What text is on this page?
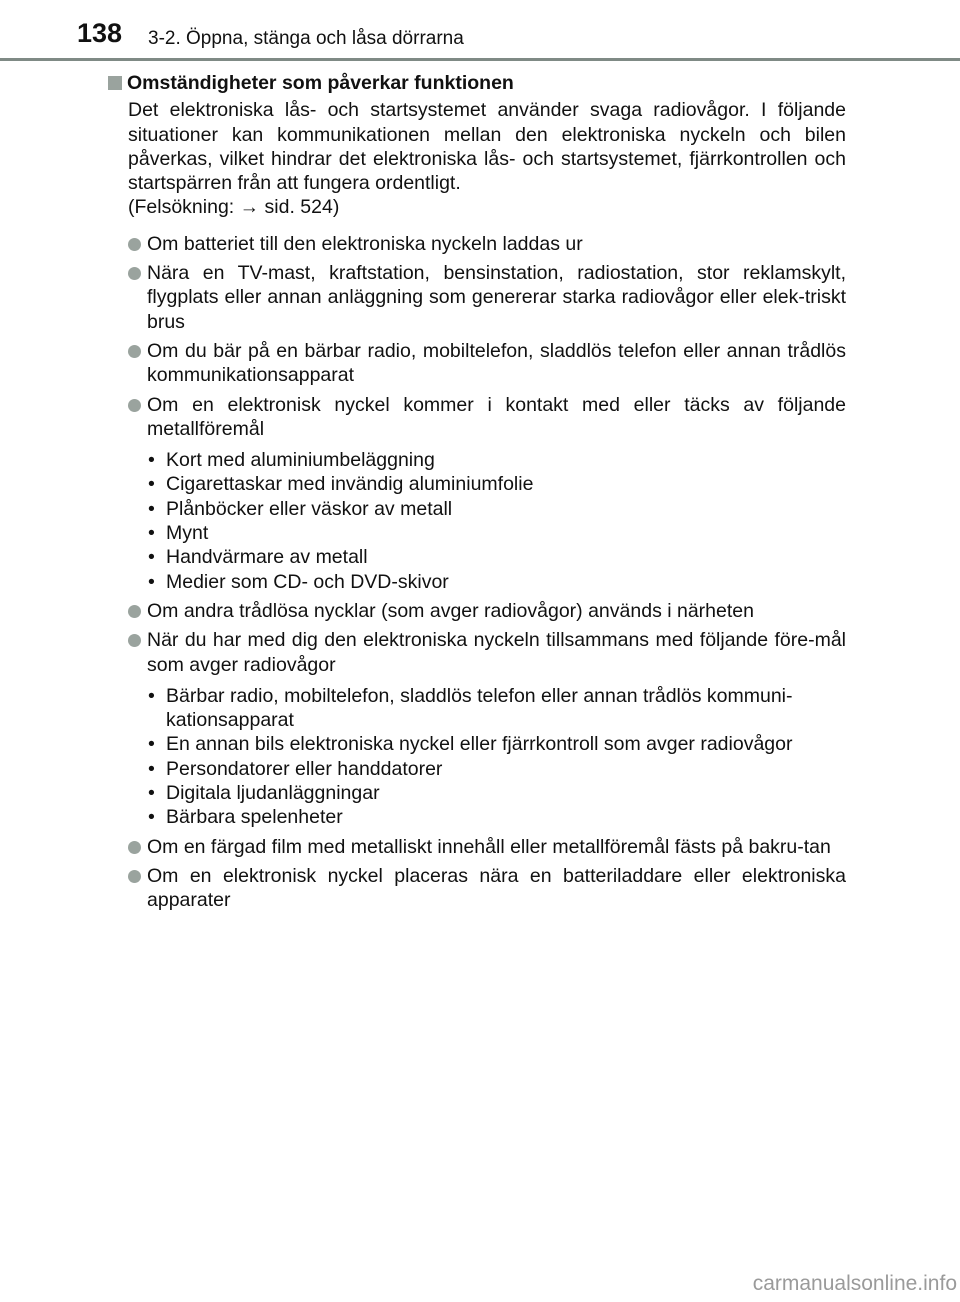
138 3-2. Öppna, stänga och låsa dörrarna
Omständigheter som påverkar funktionen
Det elektroniska lås- och startsystemet använder svaga radiovågor. I följande situationer kan kommunikationen mellan den elektroniska nyckeln och bilen påverkas, vilket hindrar det elektroniska lås- och startsystemet, fjärrkontrollen och startspärren från att fungera ordentligt.
(Felsökning: → sid. 524)
Om batteriet till den elektroniska nyckeln laddas ur
Nära en TV-mast, kraftstation, bensinstation, radiostation, stor reklamskylt, flygplats eller annan anläggning som genererar starka radiovågor eller elek-triskt brus
Om du bär på en bärbar radio, mobiltelefon, sladdlös telefon eller annan trådlös kommunikationsapparat
Om en elektronisk nyckel kommer i kontakt med eller täcks av följande metallföremål
• Kort med aluminiumbeläggning
• Cigarettaskar med invändig aluminiumfolie
• Plånböcker eller väskor av metall
• Mynt
• Handvärmare av metall
• Medier som CD- och DVD-skivor
Om andra trådlösa nycklar (som avger radiovågor) används i närheten
När du har med dig den elektroniska nyckeln tillsammans med följande före-mål som avger radiovågor
• Bärbar radio, mobiltelefon, sladdlös telefon eller annan trådlös kommuni-kationsapparat
• En annan bils elektroniska nyckel eller fjärrkontroll som avger radiovågor
• Persondatorer eller handdatorer
• Digitala ljudanläggningar
• Bärbara spelenheter
Om en färgad film med metalliskt innehåll eller metallföremål fästs på bakru-tan
Om en elektronisk nyckel placeras nära en batteriladdare eller elektroniska apparater
carmanualsonline.info
